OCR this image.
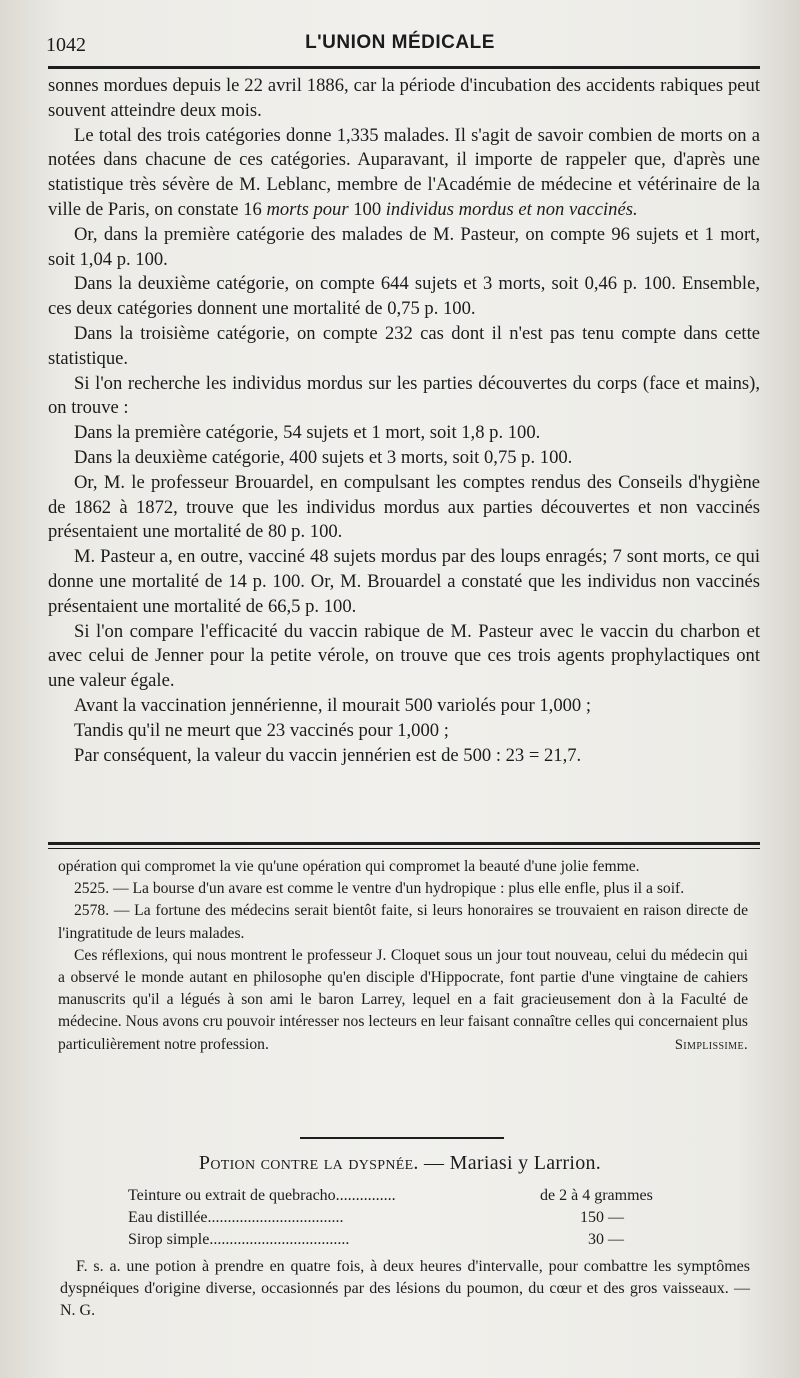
1042	L'UNION MÉDICALE

sonnes mordues depuis le 22 avril 1886, car la période d'incubation des accidents rabiques peut souvent atteindre deux mois.

Le total des trois catégories donne 1,335 malades. Il s'agit de savoir combien de morts on a notées dans chacune de ces catégories. Auparavant, il importe de rappeler que, d'après une statistique très sévère de M. Leblanc, membre de l'Académie de médecine et vétérinaire de la ville de Paris, on constate 16 morts pour 100 individus mordus et non vaccinés.

Or, dans la première catégorie des malades de M. Pasteur, on compte 96 sujets et 1 mort, soit 1,04 p. 100.

Dans la deuxième catégorie, on compte 644 sujets et 3 morts, soit 0,46 p. 100. Ensemble, ces deux catégories donnent une mortalité de 0,75 p. 100.

Dans la troisième catégorie, on compte 232 cas dont il n'est pas tenu compte dans cette statistique.

Si l'on recherche les individus mordus sur les parties découvertes du corps (face et mains), on trouve :

Dans la première catégorie, 54 sujets et 1 mort, soit 1,8 p. 100.

Dans la deuxième catégorie, 400 sujets et 3 morts, soit 0,75 p. 100.

Or, M. le professeur Brouardel, en compulsant les comptes rendus des Conseils d'hygiène de 1862 à 1872, trouve que les individus mordus aux parties découvertes et non vaccinés présentaient une mortalité de 80 p. 100.

M. Pasteur a, en outre, vacciné 48 sujets mordus par des loups enragés; 7 sont morts, ce qui donne une mortalité de 14 p. 100. Or, M. Brouardel a constaté que les individus non vaccinés présentaient une mortalité de 66,5 p. 100.

Si l'on compare l'efficacité du vaccin rabique de M. Pasteur avec le vaccin du charbon et avec celui de Jenner pour la petite vérole, on trouve que ces trois agents prophylactiques ont une valeur égale.

Avant la vaccination jennérienne, il mourait 500 variolés pour 1,000 ;

Tandis qu'il ne meurt que 23 vaccinés pour 1,000 ;

Par conséquent, la valeur du vaccin jennérien est de 500 : 23 = 21,7.

opération qui compromet la vie qu'une opération qui compromet la beauté d'une jolie femme.

2525. — La bourse d'un avare est comme le ventre d'un hydropique : plus elle enfle, plus il a soif.

2578. — La fortune des médecins serait bientôt faite, si leurs honoraires se trouvaient en raison directe de l'ingratitude de leurs malades.

Ces réflexions, qui nous montrent le professeur J. Cloquet sous un jour tout nouveau, celui du médecin qui a observé le monde autant en philosophe qu'en disciple d'Hippocrate, font partie d'une vingtaine de cahiers manuscrits qu'il a légués à son ami le baron Larrey, lequel en a fait gracieusement don à la Faculté de médecine. Nous avons cru pouvoir intéresser nos lecteurs en leur faisant connaître celles qui concernaient plus particulièrement notre profession.	Simplissime.

Potion contre la dyspnée. — Mariasi y Larrion.
Teinture ou extrait de quebracho...............	de 2 à 4 grammes
Eau distillée..................................	150 —
Sirop simple...................................	30 —

F. s. a. une potion à prendre en quatre fois, à deux heures d'intervalle, pour combattre les symptômes dyspnéiques d'origine diverse, occasionnés par des lésions du poumon, du cœur et des gros vaisseaux. — N. G.
